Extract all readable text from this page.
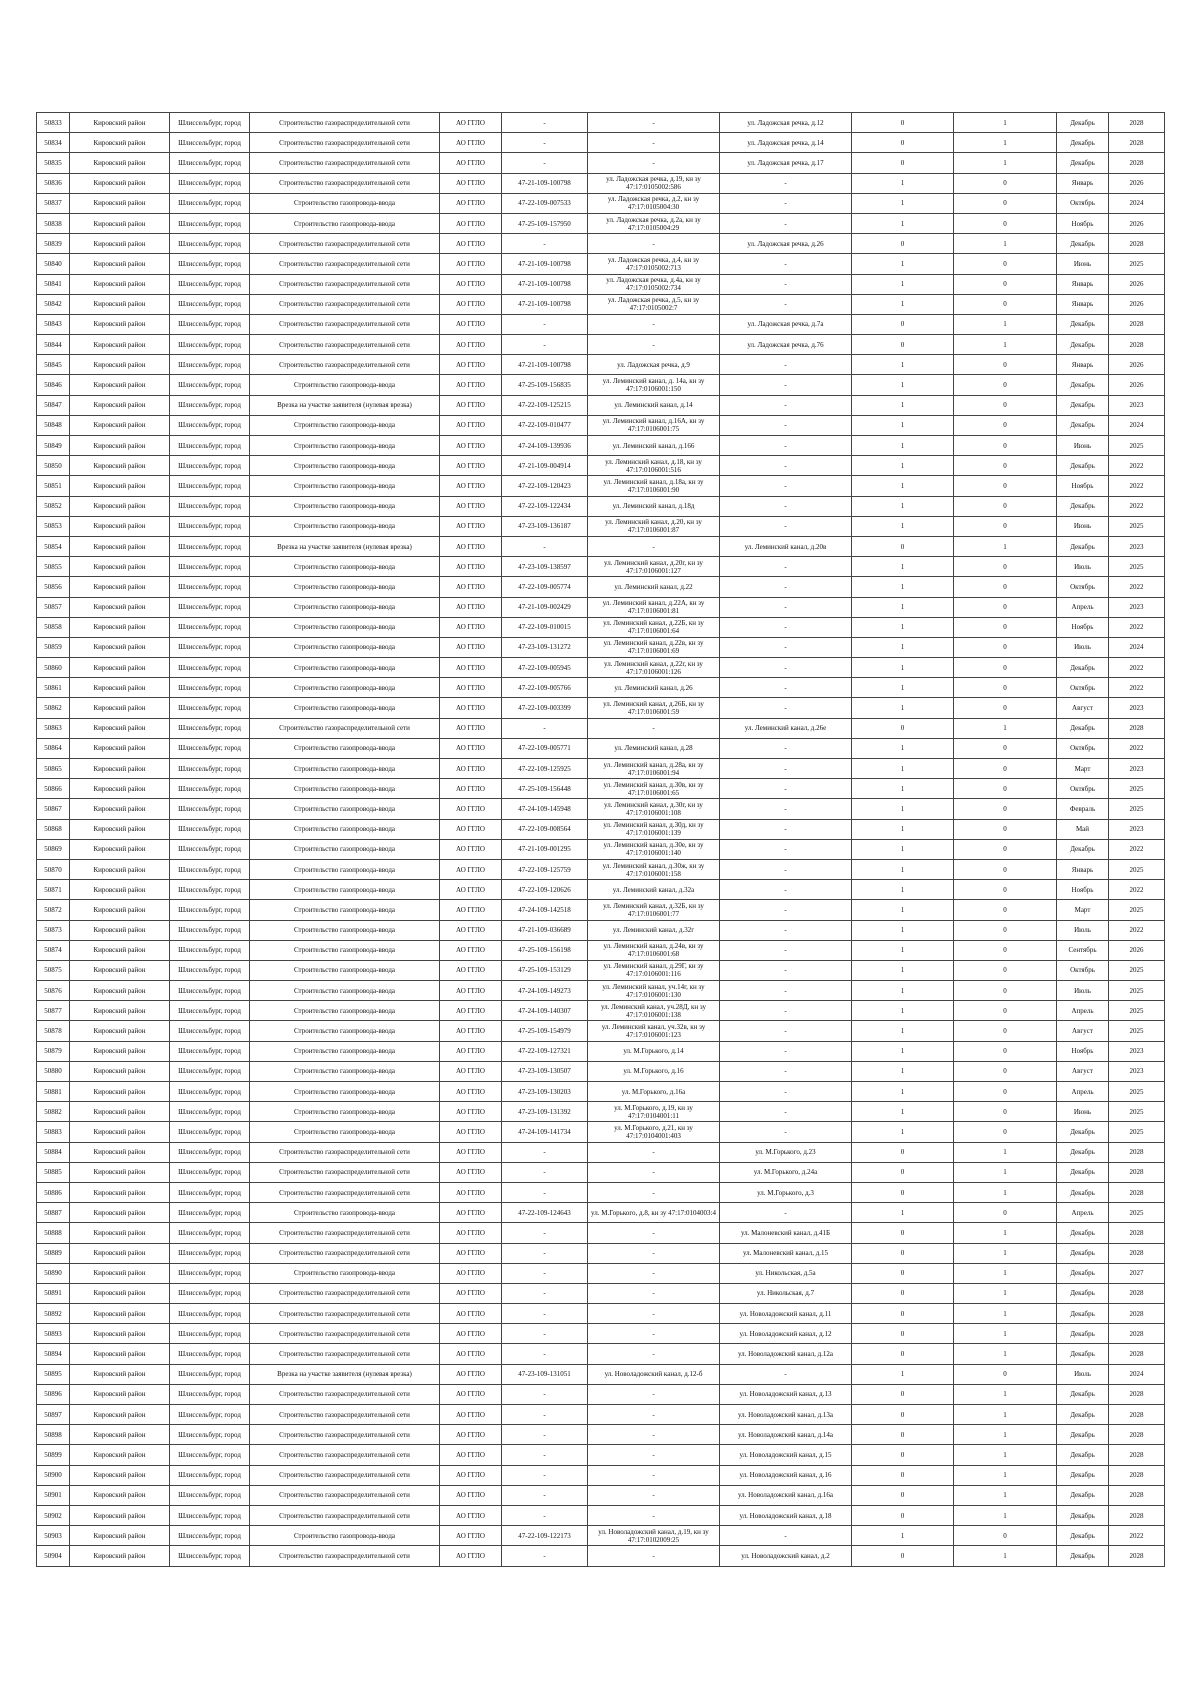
50833	Кировский район	Шлиссельбург, город	Строительство газораспределительной сети	АО ГГЛО	-	-	ул. Ладожская речка, д.12	0	1	Декабрь	2028
50834	Кировский район	Шлиссельбург, город	Строительство газораспределительной сети	АО ГГЛО	-	-	ул. Ладожская речка, д.14	0	1	Декабрь	2028
50835	Кировский район	Шлиссельбург, город	Строительство газораспределительной сети	АО ГГЛО	-	-	ул. Ладожская речка, д.17	0	1	Декабрь	2028
50836	Кировский район	Шлиссельбург, город	Строительство газораспределительной сети	АО ГГЛО	47-21-109-100798	ул. Ладожская речка, д.19, кн зу 47:17:0105002:586	-	1	0	Январь	2026
50837	Кировский район	Шлиссельбург, город	Строительство газопровода-ввода	АО ГГЛО	47-22-109-007533	ул. Ладожская речка, д.2, кн зу 47:17:0105004:30	-	1	0	Октябрь	2024
50838	Кировский район	Шлиссельбург, город	Строительство газопровода-ввода	АО ГГЛО	47-25-109-157950	ул. Ладожская речка, д.2а, кн зу 47:17:0105004:29	-	1	0	Ноябрь	2026
50839	Кировский район	Шлиссельбург, город	Строительство газораспределительной сети	АО ГГЛО	-	-	ул. Ладожская речка, д.26	0	1	Декабрь	2028
50840	Кировский район	Шлиссельбург, город	Строительство газораспределительной сети	АО ГГЛО	47-21-109-100798	ул. Ладожская речка, д.4, кн зу 47:17:0105002:713	-	1	0	Июнь	2025
50841	Кировский район	Шлиссельбург, город	Строительство газораспределительной сети	АО ГГЛО	47-21-109-100798	ул. Ладожская речка, д.4а, кн зу 47:17:0105002:734	-	1	0	Январь	2026
50842	Кировский район	Шлиссельбург, город	Строительство газораспределительной сети	АО ГГЛО	47-21-109-100798	ул. Ладожская речка, д.5, кн зу 47:17:0105002:7	-	1	0	Январь	2026
50843	Кировский район	Шлиссельбург, город	Строительство газораспределительной сети	АО ГГЛО	-	-	ул. Ладожская речка, д.7а	0	1	Декабрь	2028
50844	Кировский район	Шлиссельбург, город	Строительство газораспределительной сети	АО ГГЛО	-	-	ул. Ладожская речка, д.76	0	1	Декабрь	2028
50845	Кировский район	Шлиссельбург, город	Строительство газораспределительной сети	АО ГГЛО	47-21-109-100798	ул. Ладожская речка, д.9	-	1	0	Январь	2026
50846	Кировский район	Шлиссельбург, город	Строительство газопровода-ввода	АО ГГЛО	47-25-109-156835	ул. Леминский канал, д. 14а, кн зу 47:17:0106001:150	-	1	0	Декабрь	2026
50847	Кировский район	Шлиссельбург, город	Врезка на участке заявителя (нулевая врезка)	АО ГГЛО	47-22-109-125215	ул. Леминский канал, д.14	-	1	0	Декабрь	2023
50848	Кировский район	Шлиссельбург, город	Строительство газопровода-ввода	АО ГГЛО	47-22-109-010477	ул. Леминский канал, д.16А, кн зу 47:17:0106001:75	-	1	0	Декабрь	2024
50849	Кировский район	Шлиссельбург, город	Строительство газопровода-ввода	АО ГГЛО	47-24-109-139936	ул. Леминский канал, д.166	-	1	0	Июнь	2025
50850	Кировский район	Шлиссельбург, город	Строительство газопровода-ввода	АО ГГЛО	47-21-109-004914	ул. Леминский канал, д.18, кн зу 47:17:0106001:516	-	1	0	Декабрь	2022
50851	Кировский район	Шлиссельбург, город	Строительство газопровода-ввода	АО ГГЛО	47-22-109-120423	ул. Леминский канал, д.18а, кн зу 47:17:0106001:90	-	1	0	Ноябрь	2022
50852	Кировский район	Шлиссельбург, город	Строительство газопровода-ввода	АО ГГЛО	47-22-109-122434	ул. Леминский канал, д.18д	-	1	0	Декабрь	2022
50853	Кировский район	Шлиссельбург, город	Строительство газопровода-ввода	АО ГГЛО	47-23-109-136187	ул. Леминский канал, д.20, кн зу 47:17:0106001:87	-	1	0	Июнь	2025
50854	Кировский район	Шлиссельбург, город	Врезка на участке заявителя (нулевая врезка)	АО ГГЛО	-	-	ул. Леминский канал, д.20в	0	1	Декабрь	2023
50855	Кировский район	Шлиссельбург, город	Строительство газопровода-ввода	АО ГГЛО	47-23-109-138597	ул. Леминский канал, д.20г, кн зу 47:17:0106001:127	-	1	0	Июль	2025
50856	Кировский район	Шлиссельбург, город	Строительство газопровода-ввода	АО ГГЛО	47-22-109-005774	ул. Леминский канал, д.22	-	1	0	Октябрь	2022
50857	Кировский район	Шлиссельбург, город	Строительство газопровода-ввода	АО ГГЛО	47-21-109-002429	ул. Леминский канал, д.22А, кн зу 47:17:0106001:81	-	1	0	Апрель	2023
50858	Кировский район	Шлиссельбург, город	Строительство газопровода-ввода	АО ГГЛО	47-22-109-010015	ул. Леминский канал, д.22Б, кн зу 47:17:0106001:64	-	1	0	Ноябрь	2022
50859	Кировский район	Шлиссельбург, город	Строительство газопровода-ввода	АО ГГЛО	47-23-109-131272	ул. Леминский канал, д.22в, кн зу 47:17:0106001:69	-	1	0	Июль	2024
50860	Кировский район	Шлиссельбург, город	Строительство газопровода-ввода	АО ГГЛО	47-22-109-005945	ул. Леминский канал, д.22г, кн зу 47:17:0106001:126	-	1	0	Декабрь	2022
50861	Кировский район	Шлиссельбург, город	Строительство газопровода-ввода	АО ГГЛО	47-22-109-005766	ул. Леминский канал, д.26	-	1	0	Октябрь	2022
50862	Кировский район	Шлиссельбург, город	Строительство газопровода-ввода	АО ГГЛО	47-22-109-003399	ул. Леминский канал, д.26Б, кн зу 47:17:0106001:59	-	1	0	Август	2023
50863	Кировский район	Шлиссельбург, город	Строительство газораспределительной сети	АО ГГЛО	-	-	ул. Леминский канал, д.26е	0	1	Декабрь	2028
50864	Кировский район	Шлиссельбург, город	Строительство газопровода-ввода	АО ГГЛО	47-22-109-005771	ул. Леминский канал, д.28	-	1	0	Октябрь	2022
50865	Кировский район	Шлиссельбург, город	Строительство газопровода-ввода	АО ГГЛО	47-22-109-125925	ул. Леминский канал, д.28а, кн зу 47:17:0106001:94	-	1	0	Март	2023
50866	Кировский район	Шлиссельбург, город	Строительство газопровода-ввода	АО ГГЛО	47-25-109-156448	ул. Леминский канал, д.30в, кн зу 47:17:0106001:65	-	1	0	Октябрь	2025
50867	Кировский район	Шлиссельбург, город	Строительство газопровода-ввода	АО ГГЛО	47-24-109-145948	ул. Леминский канал, д.30г, кн зу 47:17:0106001:108	-	1	0	Февраль	2025
50868	Кировский район	Шлиссельбург, город	Строительство газопровода-ввода	АО ГГЛО	47-22-109-008564	ул. Леминский канал, д.30д, кн зу 47:17:0106001:139	-	1	0	Май	2023
50869	Кировский район	Шлиссельбург, город	Строительство газопровода-ввода	АО ГГЛО	47-21-109-001295	ул. Леминский канал, д.30е, кн зу 47:17:0106001:140	-	1	0	Декабрь	2022
50870	Кировский район	Шлиссельбург, город	Строительство газопровода-ввода	АО ГГЛО	47-22-109-125759	ул. Леминский канал, д.30ж, кн зу 47:17:0106001:158	-	1	0	Январь	2025
50871	Кировский район	Шлиссельбург, город	Строительство газопровода-ввода	АО ГГЛО	47-22-109-120626	ул. Леминский канал, д.32а	-	1	0	Ноябрь	2022
50872	Кировский район	Шлиссельбург, город	Строительство газопровода-ввода	АО ГГЛО	47-24-109-142518	ул. Леминский канал, д.32Б, кн зу 47:17:0106001:77	-	1	0	Март	2025
50873	Кировский район	Шлиссельбург, город	Строительство газопровода-ввода	АО ГГЛО	47-21-109-036689	ул. Леминский канал, д.32г	-	1	0	Июль	2022
50874	Кировский район	Шлиссельбург, город	Строительство газопровода-ввода	АО ГГЛО	47-25-109-156198	ул. Леминский канал, д.24в, кн зу 47:17:0106001:68	-	1	0	Сентябрь	2026
50875	Кировский район	Шлиссельбург, город	Строительство газопровода-ввода	АО ГГЛО	47-25-109-153129	ул. Леминский канал, д.29Г, кн зу 47:17:0106001:116	-	1	0	Октябрь	2025
50876	Кировский район	Шлиссельбург, город	Строительство газопровода-ввода	АО ГГЛО	47-24-109-149273	ул. Леминский канал, уч.14г, кн зу 47:17:0106001:130	-	1	0	Июль	2025
50877	Кировский район	Шлиссельбург, город	Строительство газопровода-ввода	АО ГГЛО	47-24-109-140307	ул. Леминский канал, уч.28Д, кн зу 47:17:0106001:138	-	1	0	Апрель	2025
50878	Кировский район	Шлиссельбург, город	Строительство газопровода-ввода	АО ГГЛО	47-25-109-154979	ул. Леминский канал, уч.32в, кн зу 47:17:0106001:123	-	1	0	Август	2025
50879	Кировский район	Шлиссельбург, город	Строительство газопровода-ввода	АО ГГЛО	47-22-109-127321	ул. М.Горького, д.14	-	1	0	Ноябрь	2023
50880	Кировский район	Шлиссельбург, город	Строительство газопровода-ввода	АО ГГЛО	47-23-109-130507	ул. М.Горького, д.16	-	1	0	Август	2023
50881	Кировский район	Шлиссельбург, город	Строительство газопровода-ввода	АО ГГЛО	47-23-109-130203	ул. М.Горького, д.16а	-	1	0	Апрель	2025
50882	Кировский район	Шлиссельбург, город	Строительство газопровода-ввода	АО ГГЛО	47-23-109-131392	ул. М.Горького, д.19, кн зу 47:17:0104001:11	-	1	0	Июнь	2025
50883	Кировский район	Шлиссельбург, город	Строительство газопровода-ввода	АО ГГЛО	47-24-109-141734	ул. М.Горького, д.21, кн зу 47:17:0104001:403	-	1	0	Декабрь	2025
50884	Кировский район	Шлиссельбург, город	Строительство газораспределительной сети	АО ГГЛО	-	-	ул. М.Горького, д.23	0	1	Декабрь	2028
50885	Кировский район	Шлиссельбург, город	Строительство газораспределительной сети	АО ГГЛО	-	-	ул. М.Горького, д.24а	0	1	Декабрь	2028
50886	Кировский район	Шлиссельбург, город	Строительство газораспределительной сети	АО ГГЛО	-	-	ул. М.Горького, д.3	0	1	Декабрь	2028
50887	Кировский район	Шлиссельбург, город	Строительство газопровода-ввода	АО ГГЛО	47-22-109-124643	ул. М.Горького, д.8, кн зу 47:17:0104003:4	-	1	0	Апрель	2025
50888	Кировский район	Шлиссельбург, город	Строительство газораспределительной сети	АО ГГЛО	-	-	ул. Малоневский канал, д.41Б	0	1	Декабрь	2028
50889	Кировский район	Шлиссельбург, город	Строительство газораспределительной сети	АО ГГЛО	-	-	ул. Малоневский канал, д.15	0	1	Декабрь	2028
50890	Кировский район	Шлиссельбург, город	Строительство газопровода-ввода	АО ГГЛО	-	-	ул. Никольская, д.5а	0	1	Декабрь	2027
50891	Кировский район	Шлиссельбург, город	Строительство газораспределительной сети	АО ГГЛО	-	-	ул. Никольская, д.7	0	1	Декабрь	2028
50892	Кировский район	Шлиссельбург, город	Строительство газораспределительной сети	АО ГГЛО	-	-	ул. Новоладожский канал, д.11	0	1	Декабрь	2028
50893	Кировский район	Шлиссельбург, город	Строительство газораспределительной сети	АО ГГЛО	-	-	ул. Новоладожский канал, д.12	0	1	Декабрь	2028
50894	Кировский район	Шлиссельбург, город	Строительство газораспределительной сети	АО ГГЛО	-	-	ул. Новоладожский канал, д.12а	0	1	Декабрь	2028
50895	Кировский район	Шлиссельбург, город	Врезка на участке заявителя (нулевая врезка)	АО ГГЛО	47-23-109-131051	ул. Новоладожский канал, д.12-б	-	1	0	Июль	2024
50896	Кировский район	Шлиссельбург, город	Строительство газораспределительной сети	АО ГГЛО	-	-	ул. Новоладожский канал, д.13	0	1	Декабрь	2028
50897	Кировский район	Шлиссельбург, город	Строительство газораспределительной сети	АО ГГЛО	-	-	ул. Новоладожский канал, д.13а	0	1	Декабрь	2028
50898	Кировский район	Шлиссельбург, город	Строительство газораспределительной сети	АО ГГЛО	-	-	ул. Новоладожский канал, д.14а	0	1	Декабрь	2028
50899	Кировский район	Шлиссельбург, город	Строительство газораспределительной сети	АО ГГЛО	-	-	ул. Новоладожский канал, д.15	0	1	Декабрь	2028
50900	Кировский район	Шлиссельбург, город	Строительство газораспределительной сети	АО ГГЛО	-	-	ул. Новоладожский канал, д.16	0	1	Декабрь	2028
50901	Кировский район	Шлиссельбург, город	Строительство газораспределительной сети	АО ГГЛО	-	-	ул. Новоладожский канал, д.16а	0	1	Декабрь	2028
50902	Кировский район	Шлиссельбург, город	Строительство газораспределительной сети	АО ГГЛО	-	-	ул. Новоладожский канал, д.18	0	1	Декабрь	2028
50903	Кировский район	Шлиссельбург, город	Строительство газопровода-ввода	АО ГГЛО	47-22-109-122173	ул. Новоладожский канал, д.19, кн зу 47:17:0102009:25	-	1	0	Декабрь	2022
50904	Кировский район	Шлиссельбург, город	Строительство газораспределительной сети	АО ГГЛО	-	-	ул. Новоладожский канал, д.2	0	1	Декабрь	2028
